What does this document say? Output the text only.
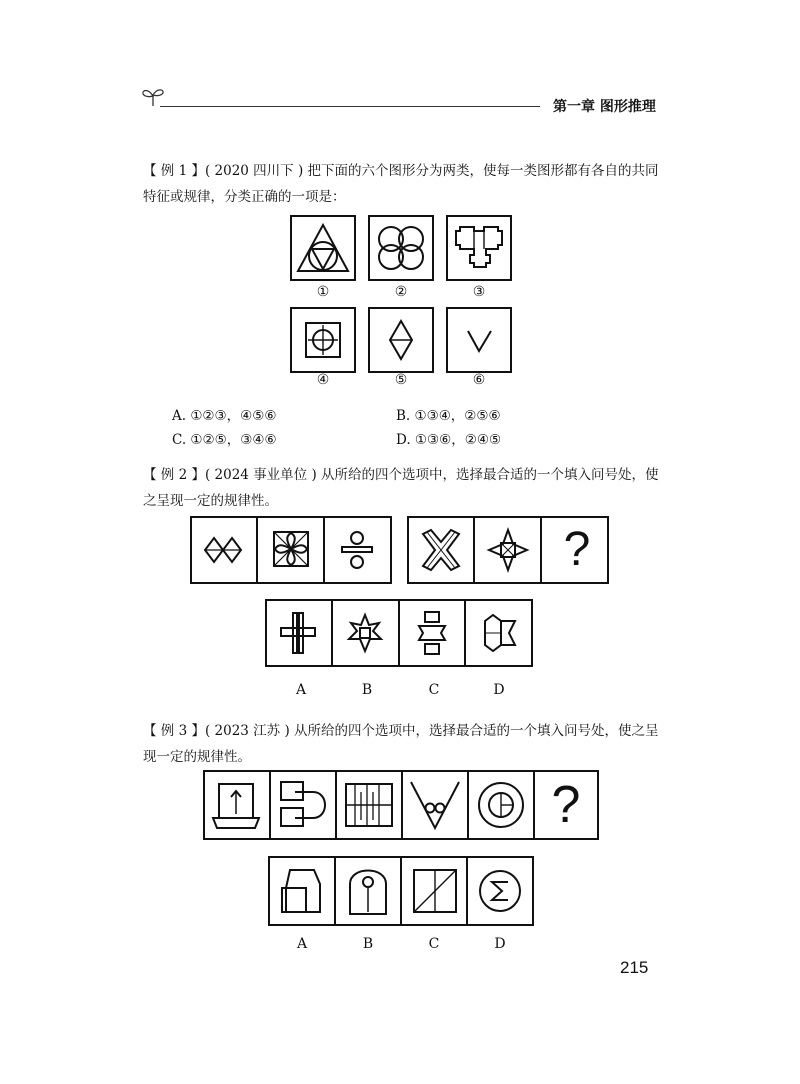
第一章 图形推理
【 例 1 】( 2020 四川下 ) 把下面的六个图形分为两类，使每一类图形都有各自的共同特征或规律，分类正确的一项是：
①	②	③
④	⑤	⑥
A. ①②③，④⑤⑥	B. ①③④，②⑤⑥
C. ①②⑤，③④⑥	D. ①③⑥，②④⑤
【 例 2 】( 2024 事业单位 ) 从所给的四个选项中，选择最合适的一个填入问号处，使之呈现一定的规律性。
?
A	B	C	D
【 例 3 】( 2023 江苏 ) 从所给的四个选项中，选择最合适的一个填入问号处，使之呈现一定的规律性。
?
A	B	C	D
215
